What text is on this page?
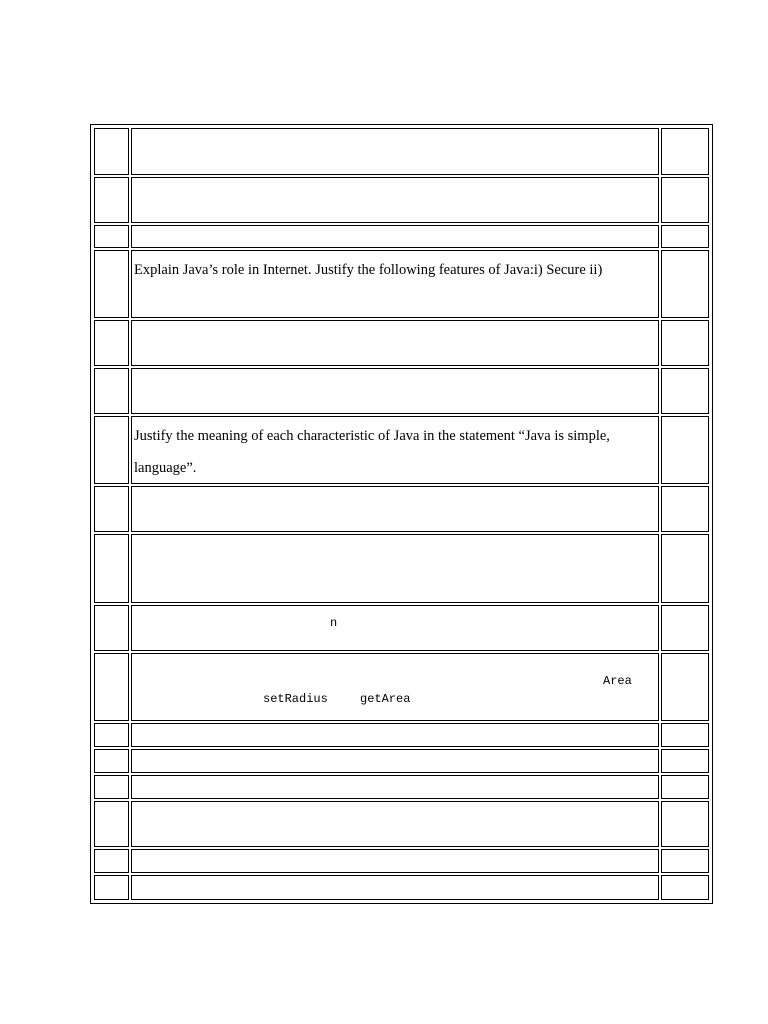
	Explain Java’s role in Internet. Justify the following features of Java:i) Secure ii)	

	Justify the meaning of each characteristic of Java in the statement “Java is simple,
language”.	

	n	

	Area

setRadius

getArea	
